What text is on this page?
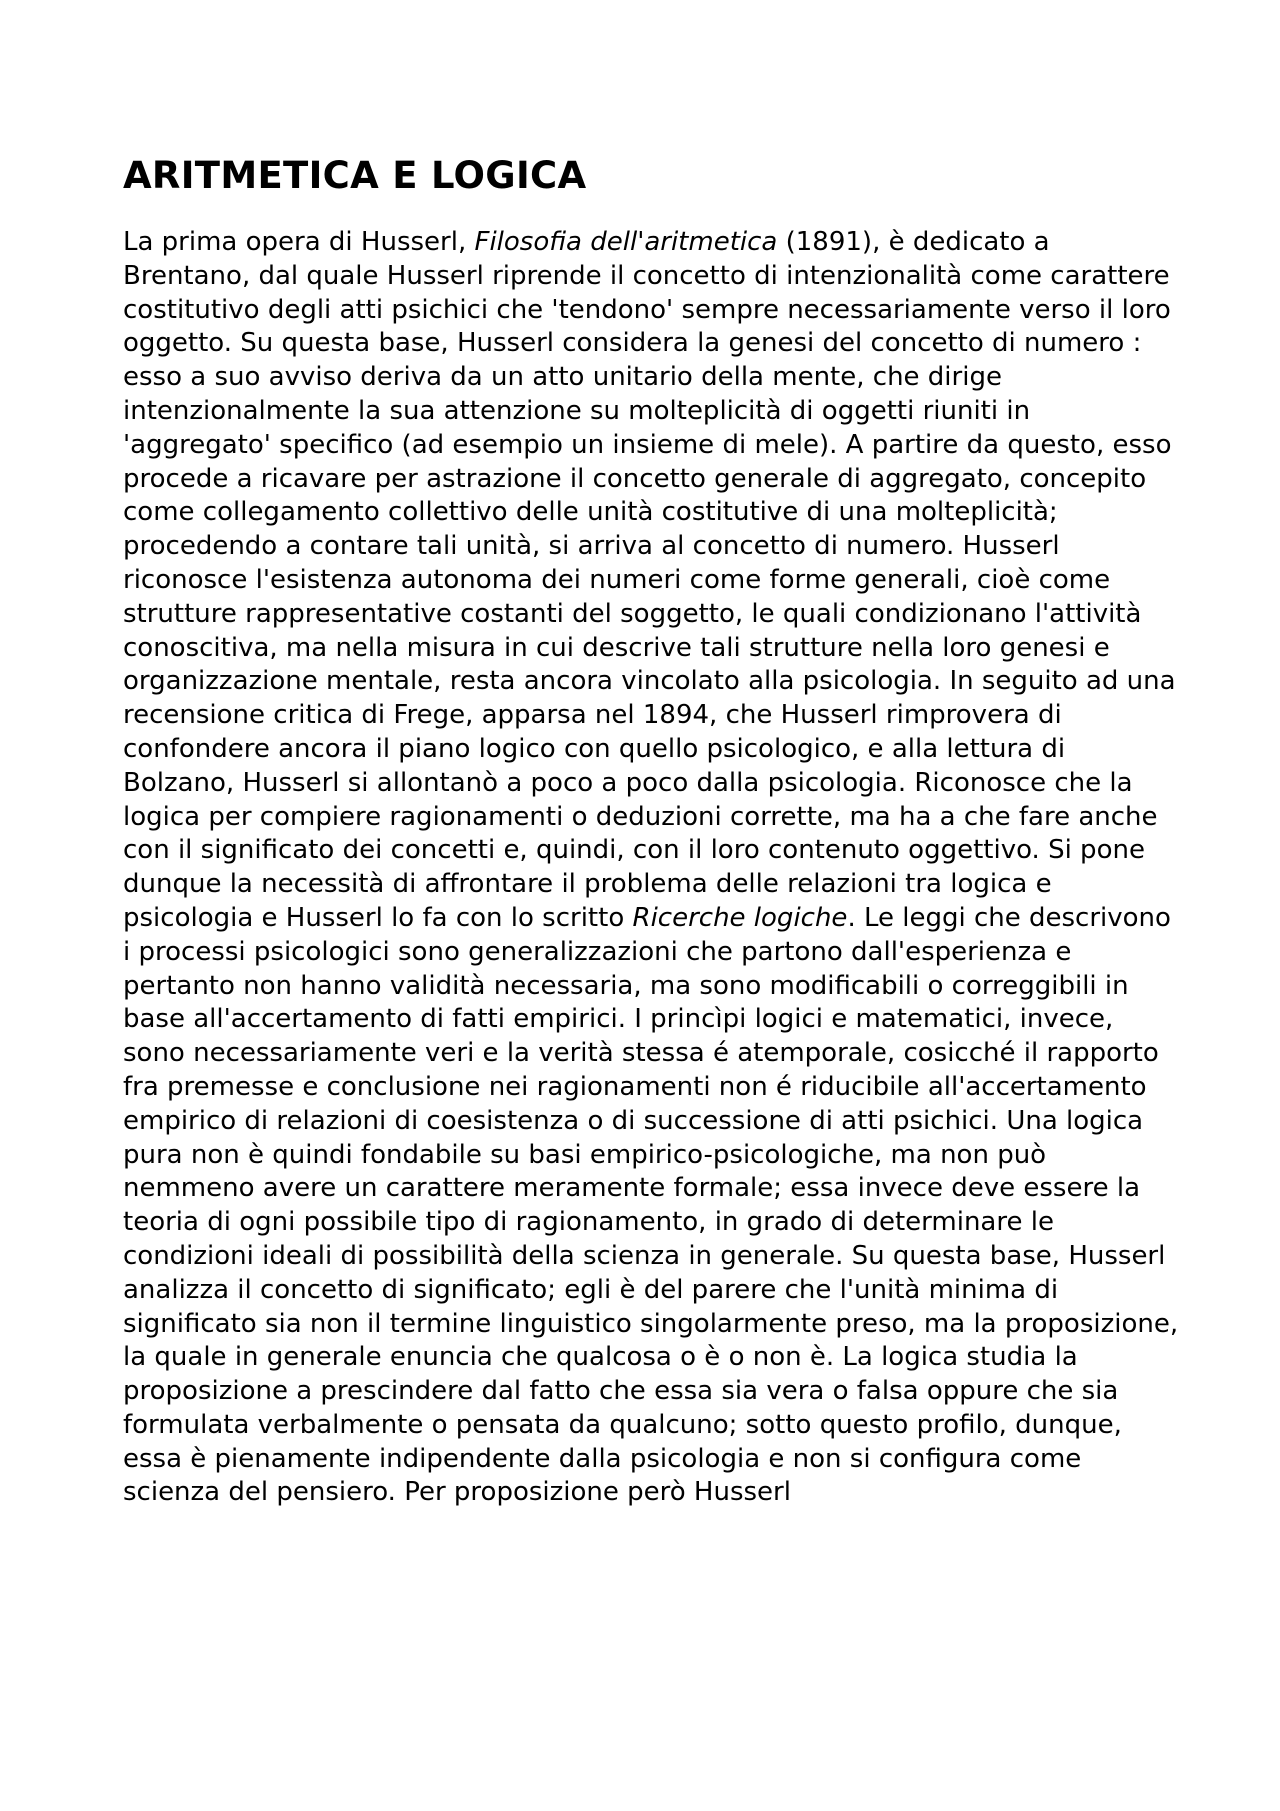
ARITMETICA E LOGICA

La prima opera di Husserl, Filosofia dell'aritmetica (1891), è dedicato a Brentano, dal quale Husserl riprende il concetto di intenzionalità come carattere costitutivo degli atti psichici che 'tendono' sempre necessariamente verso il loro oggetto. Su questa base, Husserl considera la genesi del concetto di numero : esso a suo avviso deriva da un atto unitario della mente, che dirige intenzionalmente la sua attenzione su molteplicità di oggetti riuniti in 'aggregato' specifico (ad esempio un insieme di mele). A partire da questo, esso procede a ricavare per astrazione il concetto generale di aggregato, concepito come collegamento collettivo delle unità costitutive di una molteplicità; procedendo a contare tali unità, si arriva al concetto di numero. Husserl riconosce l'esistenza autonoma dei numeri come forme generali, cioè come strutture rappresentative costanti del soggetto, le quali condizionano l'attività conoscitiva, ma nella misura in cui descrive tali strutture nella loro genesi e organizzazione mentale, resta ancora vincolato alla psicologia. In seguito ad una recensione critica di Frege, apparsa nel 1894, che Husserl rimprovera di confondere ancora il piano logico con quello psicologico, e alla lettura di Bolzano, Husserl si allontanò a poco a poco dalla psicologia. Riconosce che la logica per compiere ragionamenti o deduzioni corrette, ma ha a che fare anche con il significato dei concetti e, quindi, con il loro contenuto oggettivo. Si pone dunque la necessità di affrontare il problema delle relazioni tra logica e psicologia e Husserl lo fa con lo scritto Ricerche logiche. Le leggi che descrivono i processi psicologici sono generalizzazioni che partono dall'esperienza e pertanto non hanno validità necessaria, ma sono modificabili o correggibili in base all'accertamento di fatti empirici. I princìpi logici e matematici, invece, sono necessariamente veri e la verità stessa é atemporale, cosicché il rapporto fra premesse e conclusione nei ragionamenti non é riducibile all'accertamento empirico di relazioni di coesistenza o di successione di atti psichici. Una logica pura non è quindi fondabile su basi empirico-psicologiche, ma non può nemmeno avere un carattere meramente formale; essa invece deve essere la teoria di ogni possibile tipo di ragionamento, in grado di determinare le condizioni ideali di possibilità della scienza in generale. Su questa base, Husserl analizza il concetto di significato; egli è del parere che l'unità minima di significato sia non il termine linguistico singolarmente preso, ma la proposizione, la quale in generale enuncia che qualcosa o è o non è. La logica studia la proposizione a prescindere dal fatto che essa sia vera o falsa oppure che sia formulata verbalmente o pensata da qualcuno; sotto questo profilo, dunque, essa è pienamente indipendente dalla psicologia e non si configura come scienza del pensiero. Per proposizione però Husserl
